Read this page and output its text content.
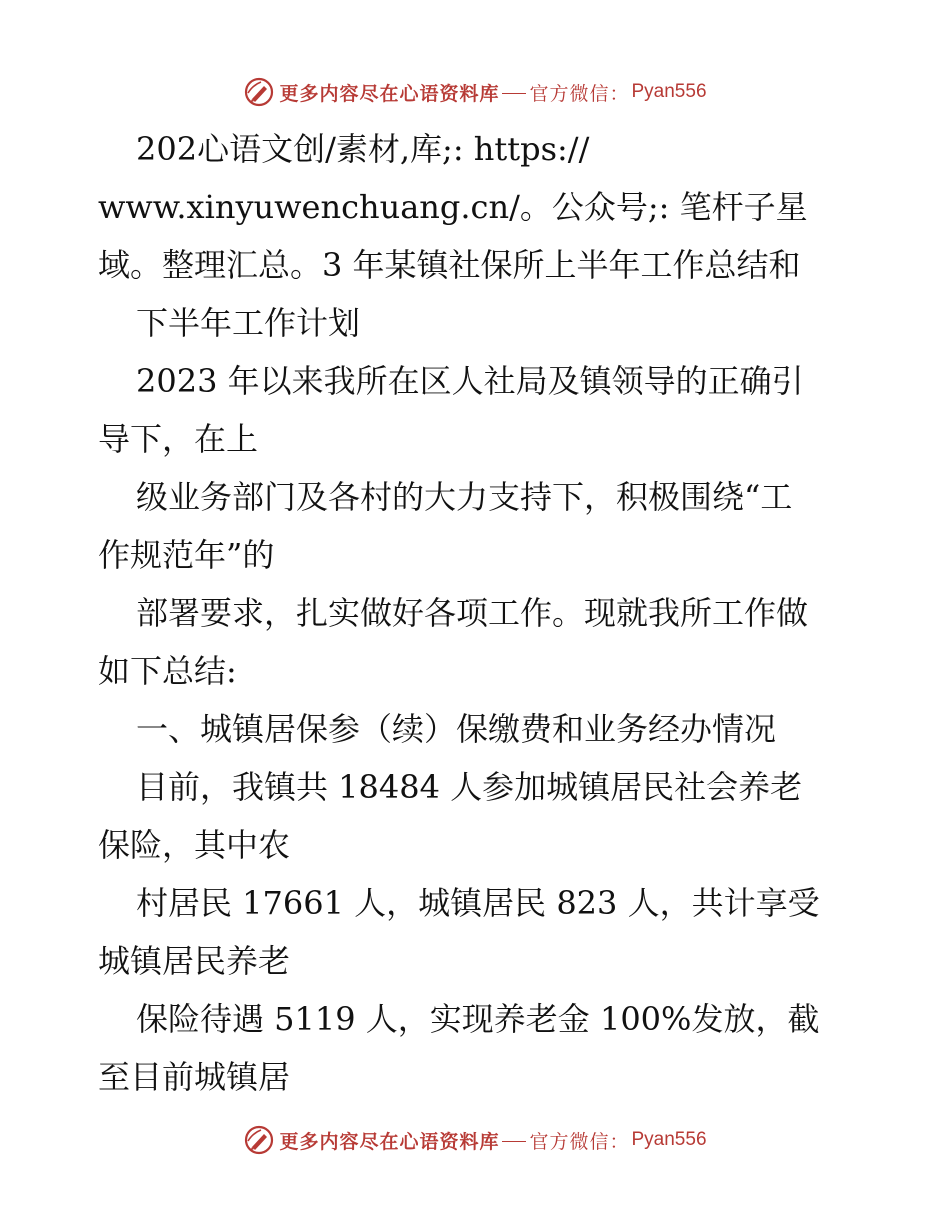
更多内容尽在心语资料库 官方微信： Pyan556
202心语文创/素材,库;: https://
www.xinyuwenchuang.cn/。公众号;: 笔杆子星
域。整理汇总。3 年某镇社保所上半年工作总结和
下半年工作计划
2023 年以来我所在区人社局及镇领导的正确引
导下，在上
级业务部门及各村的大力支持下，积极围绕“工
作规范年”的
部署要求，扎实做好各项工作。现就我所工作做
如下总结:
一、城镇居保参（续）保缴费和业务经办情况
目前，我镇共 18484 人参加城镇居民社会养老
保险，其中农
村居民 17661 人，城镇居民 823 人，共计享受
城镇居民养老
保险待遇 5119 人，实现养老金 100%发放，截
至目前城镇居
更多内容尽在心语资料库 官方微信： Pyan556
